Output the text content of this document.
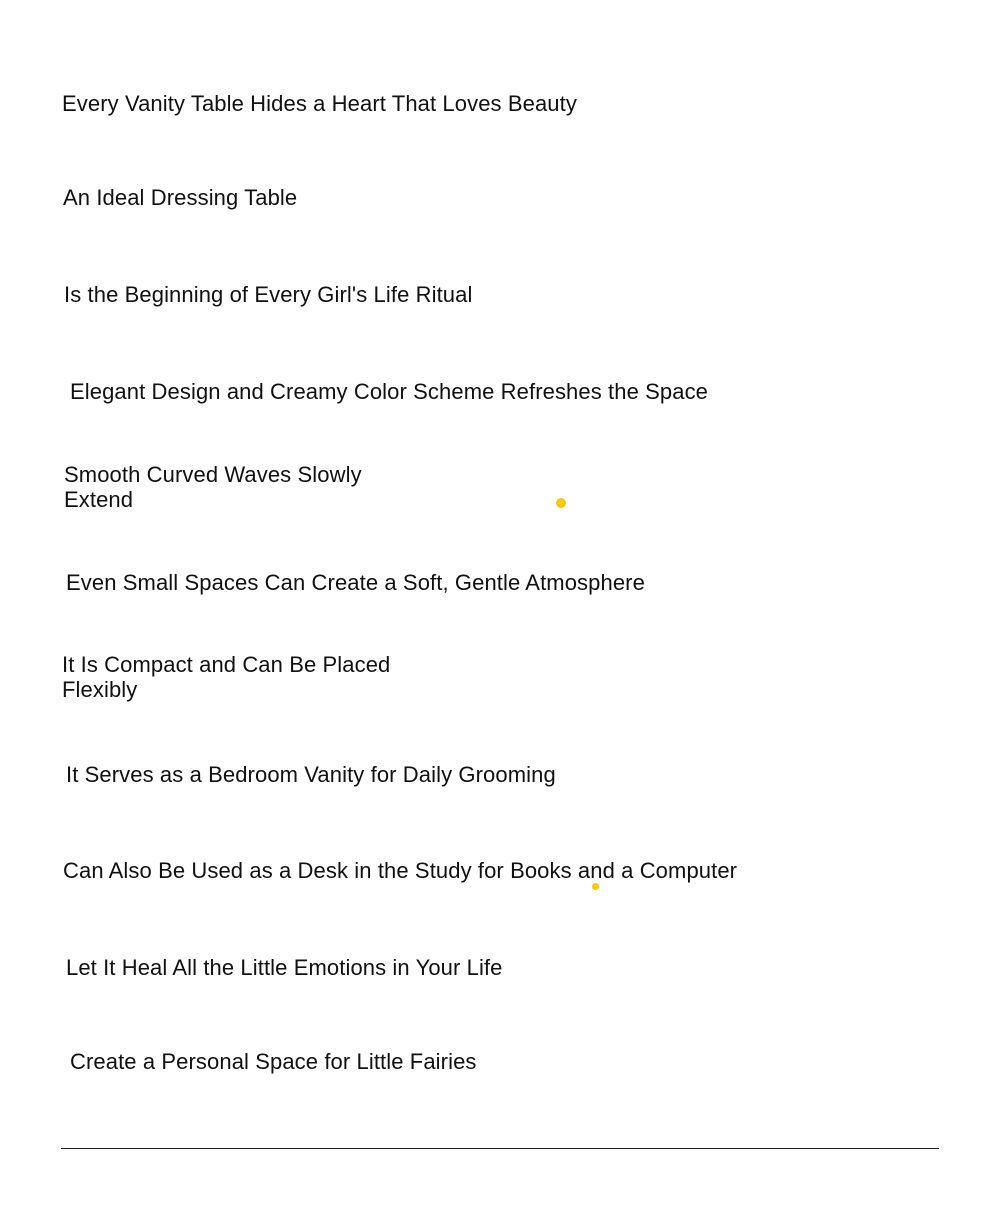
Every Vanity Table Hides a Heart That Loves Beauty

An Ideal Dressing Table

Is the Beginning of Every Girl's Life Ritual

Elegant Design and Creamy Color Scheme Refreshes the Space

Smooth Curved Waves Slowly

Extend

Even Small Spaces Can Create a Soft, Gentle Atmosphere

It Is Compact and Can Be Placed

Flexibly

It Serves as a Bedroom Vanity for Daily Grooming

Can Also Be Used as a Desk in the Study for Books and a Computer

Let It Heal All the Little Emotions in Your Life

Create a Personal Space for Little Fairies
